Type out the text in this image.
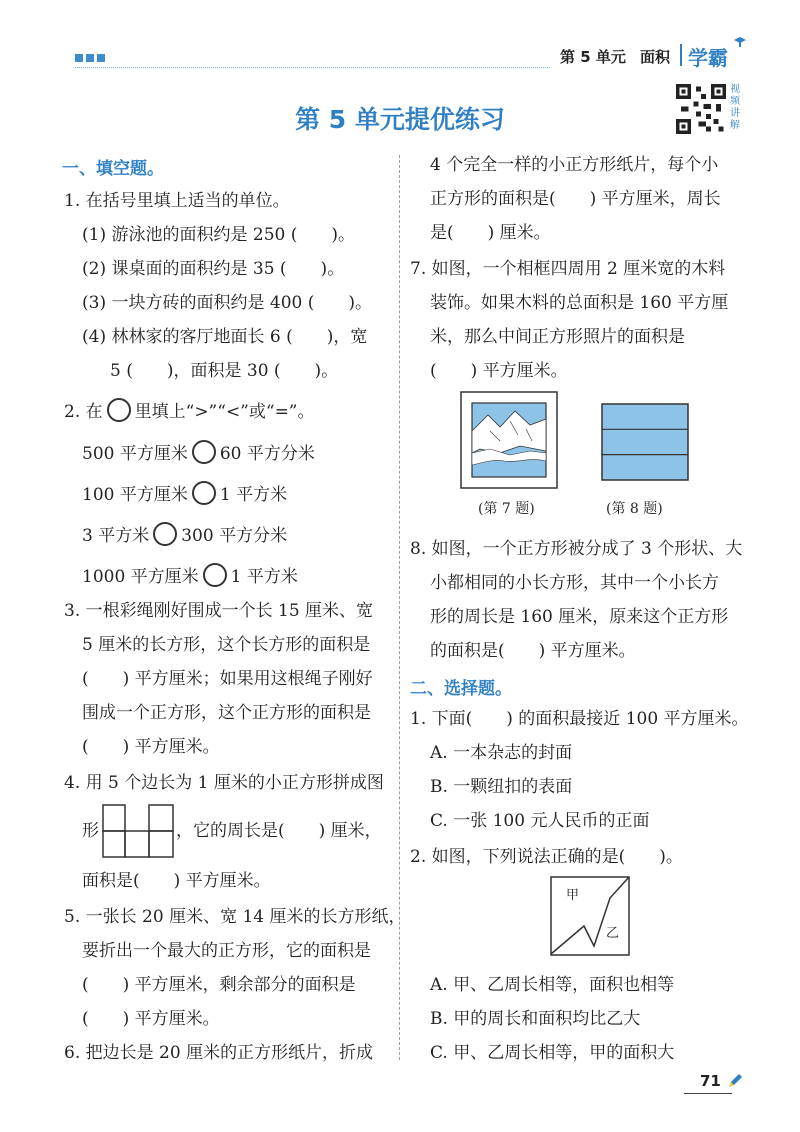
第 5 单元 面积 学霸
第 5 单元提优练习
视频讲解
一、填空题。
1. 在括号里填上适当的单位。
(1) 游泳池的面积约是 250 (　　)。
(2) 课桌面的面积约是 35 (　　)。
(3) 一块方砖的面积约是 400 (　　)。
(4) 林林家的客厅地面长 6 (　　)，宽
5 (　　)，面积是 30 (　　)。
2. 在 里填上“>”“<”或“=”。
500 平方厘米 60 平方分米
100 平方厘米 1 平方米
3 平方米 300 平方分米
1000 平方厘米 1 平方米
3. 一根彩绳刚好围成一个长 15 厘米、宽
5 厘米的长方形，这个长方形的面积是
(　　) 平方厘米；如果用这根绳子刚好
围成一个正方形，这个正方形的面积是
(　　) 平方厘米。
4. 用 5 个边长为 1 厘米的小正方形拼成图
形	，它的周长是(　　) 厘米，
面积是(　　) 平方厘米。
5. 一张长 20 厘米、宽 14 厘米的长方形纸，
要折出一个最大的正方形，它的面积是
(　　) 平方厘米，剩余部分的面积是
(　　) 平方厘米。
6. 把边长是 20 厘米的正方形纸片，折成
4 个完全一样的小正方形纸片，每个小
正方形的面积是(　　) 平方厘米，周长
是(　　) 厘米。
7. 如图，一个相框四周用 2 厘米宽的木料
装饰。如果木料的总面积是 160 平方厘
米，那么中间正方形照片的面积是
(　　) 平方厘米。
(第 7 题)	(第 8 题)
8. 如图，一个正方形被分成了 3 个形状、大
小都相同的小长方形，其中一个小长方
形的周长是 160 厘米，原来这个正方形
的面积是(　　) 平方厘米。
二、选择题。
1. 下面(　　) 的面积最接近 100 平方厘米。
A. 一本杂志的封面
B. 一颗纽扣的表面
C. 一张 100 元人民币的正面
2. 如图，下列说法正确的是(　　)。
甲
乙
A. 甲、乙周长相等，面积也相等
B. 甲的周长和面积均比乙大
C. 甲、乙周长相等，甲的面积大
71
